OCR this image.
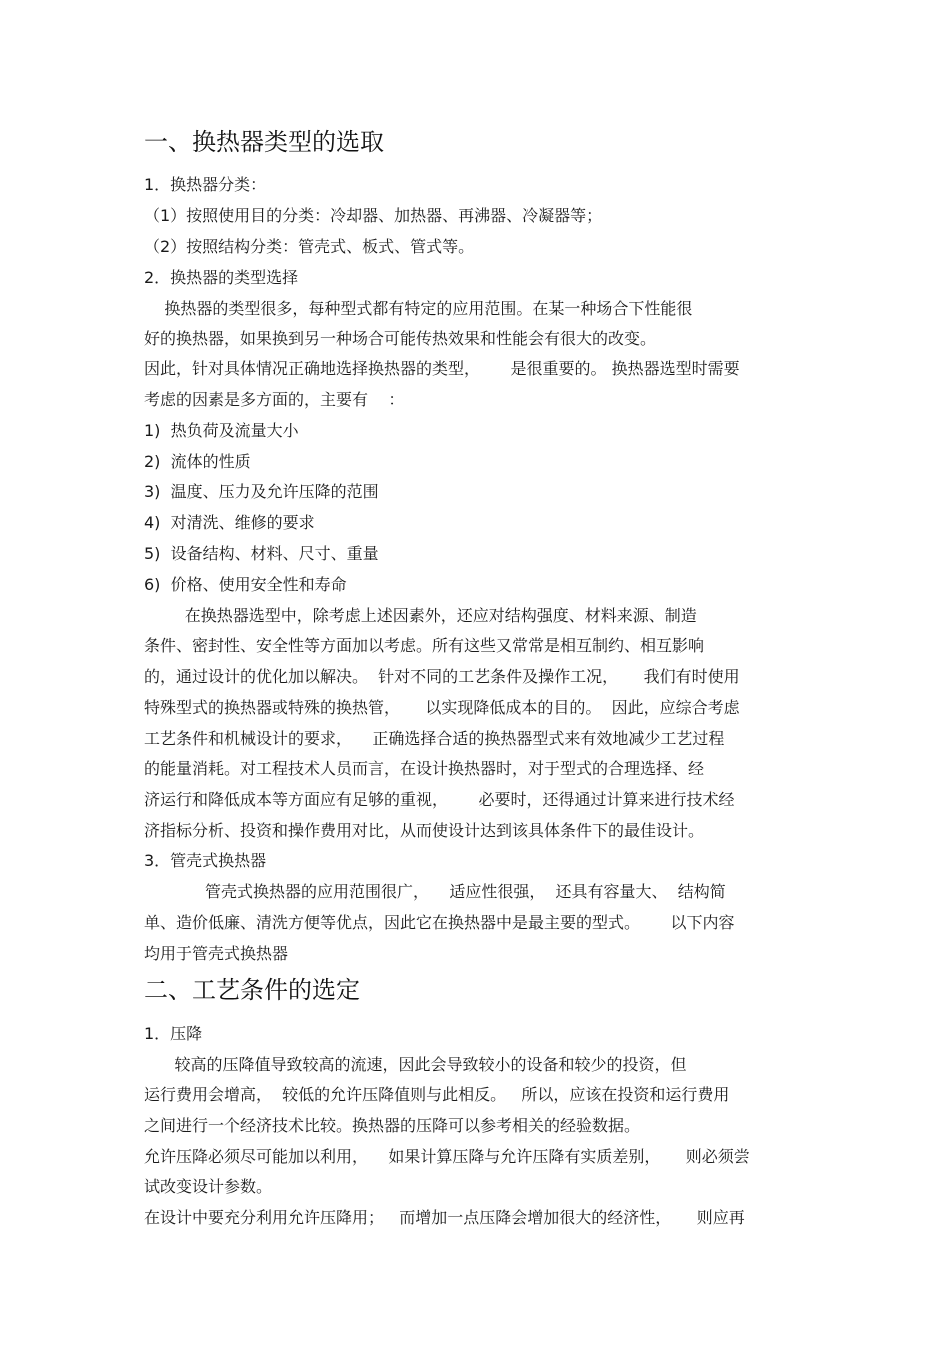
一、换热器类型的选取
1．换热器分类：
（1）按照使用目的分类：冷却器、加热器、再沸器、冷凝器等；
（2）按照结构分类：管壳式、板式、管式等。
2．换热器的类型选择
换热器的类型很多，每种型式都有特定的应用范围。在某一种场合下性能很
好的换热器，如果换到另一种场合可能传热效果和性能会有很大的改变。
因此，针对具体情况正确地选择换热器的类型，      是很重要的。 换热器选型时需要
考虑的因素是多方面的，主要有    ：
1)  热负荷及流量大小
2)  流体的性质
3)  温度、压力及允许压降的范围
4)  对清洗、维修的要求
5)  设备结构、材料、尺寸、重量
6)  价格、使用安全性和寿命
在换热器选型中，除考虑上述因素外，还应对结构强度、材料来源、制造
条件、密封性、安全性等方面加以考虑。所有这些又常常是相互制约、相互影响
的，通过设计的优化加以解决。  针对不同的工艺条件及操作工况，     我们有时使用
特殊型式的换热器或特殊的换热管，     以实现降低成本的目的。  因此，应综合考虑
工艺条件和机械设计的要求，    正确选择合适的换热器型式来有效地减少工艺过程
的能量消耗。对工程技术人员而言，在设计换热器时，对于型式的合理选择、经
济运行和降低成本等方面应有足够的重视，      必要时，还得通过计算来进行技术经
济指标分析、投资和操作费用对比，从而使设计达到该具体条件下的最佳设计。
3．管壳式换热器
管壳式换热器的应用范围很广，    适应性很强，  还具有容量大、  结构简
单、造价低廉、清洗方便等优点，因此它在换热器中是最主要的型式。      以下内容
均用于管壳式换热器
二、工艺条件的选定
1．压降
较高的压降值导致较高的流速，因此会导致较小的设备和较少的投资，但
运行费用会增高，  较低的允许压降值则与此相反。   所以，应该在投资和运行费用
之间进行一个经济技术比较。换热器的压降可以参考相关的经验数据。
允许压降必须尽可能加以利用，    如果计算压降与允许压降有实质差别，     则必须尝
试改变设计参数。
在设计中要充分利用允许压降用；   而增加一点压降会增加很大的经济性，     则应再
